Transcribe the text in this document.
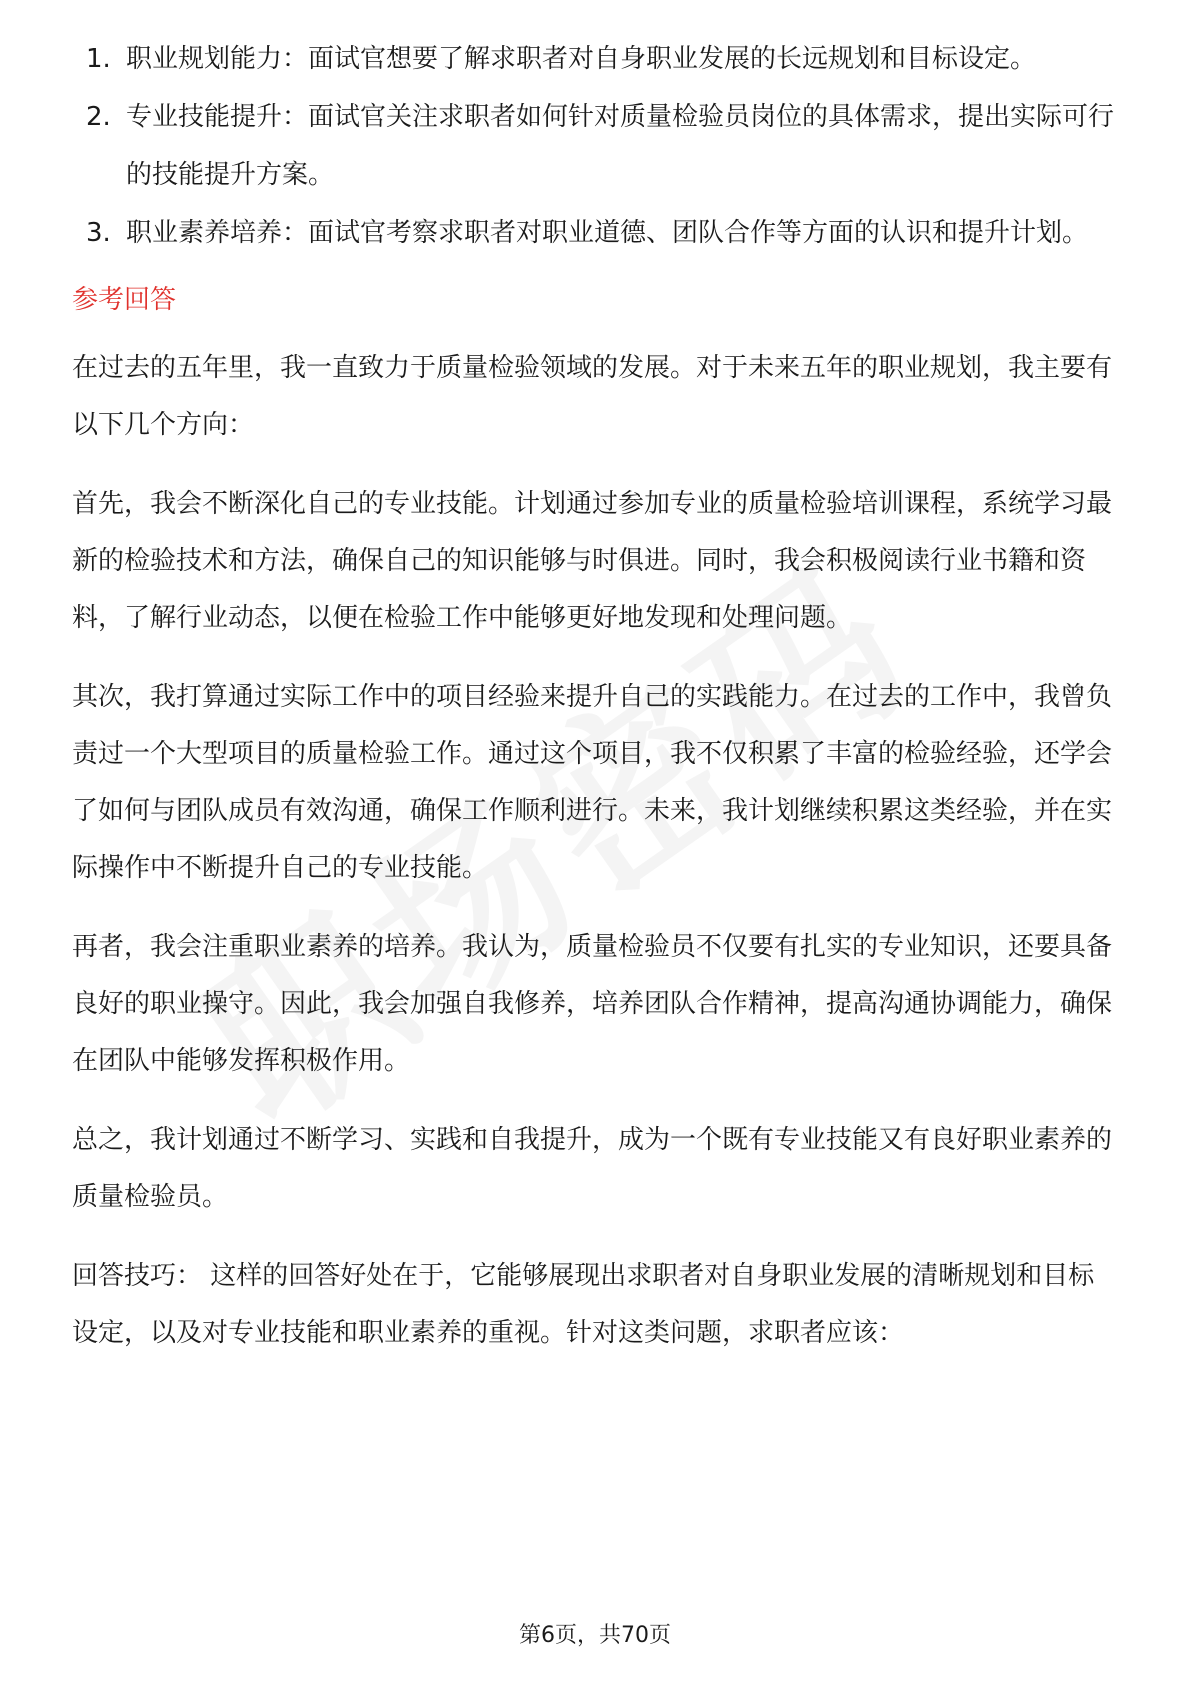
1. 职业规划能力：面试官想要了解求职者对自身职业发展的长远规划和目标设定。
2. 专业技能提升：面试官关注求职者如何针对质量检验员岗位的具体需求，提出实际可行的技能提升方案。
3. 职业素养培养：面试官考察求职者对职业道德、团队合作等方面的认识和提升计划。
参考回答

在过去的五年里，我一直致力于质量检验领域的发展。对于未来五年的职业规划，我主要有以下几个方向：

首先，我会不断深化自己的专业技能。计划通过参加专业的质量检验培训课程，系统学习最新的检验技术和方法，确保自己的知识能够与时俱进。同时，我会积极阅读行业书籍和资料，了解行业动态，以便在检验工作中能够更好地发现和处理问题。

其次，我打算通过实际工作中的项目经验来提升自己的实践能力。在过去的工作中，我曾负责过一个大型项目的质量检验工作。通过这个项目，我不仅积累了丰富的检验经验，还学会了如何与团队成员有效沟通，确保工作顺利进行。未来，我计划继续积累这类经验，并在实际操作中不断提升自己的专业技能。

再者，我会注重职业素养的培养。我认为，质量检验员不仅要有扎实的专业知识，还要具备良好的职业操守。因此，我会加强自我修养，培养团队合作精神，提高沟通协调能力，确保在团队中能够发挥积极作用。

总之，我计划通过不断学习、实践和自我提升，成为一个既有专业技能又有良好职业素养的质量检验员。

回答技巧： 这样的回答好处在于，它能够展现出求职者对自身职业发展的清晰规划和目标设定，以及对专业技能和职业素养的重视。针对这类问题，求职者应该：

第6页，共70页
